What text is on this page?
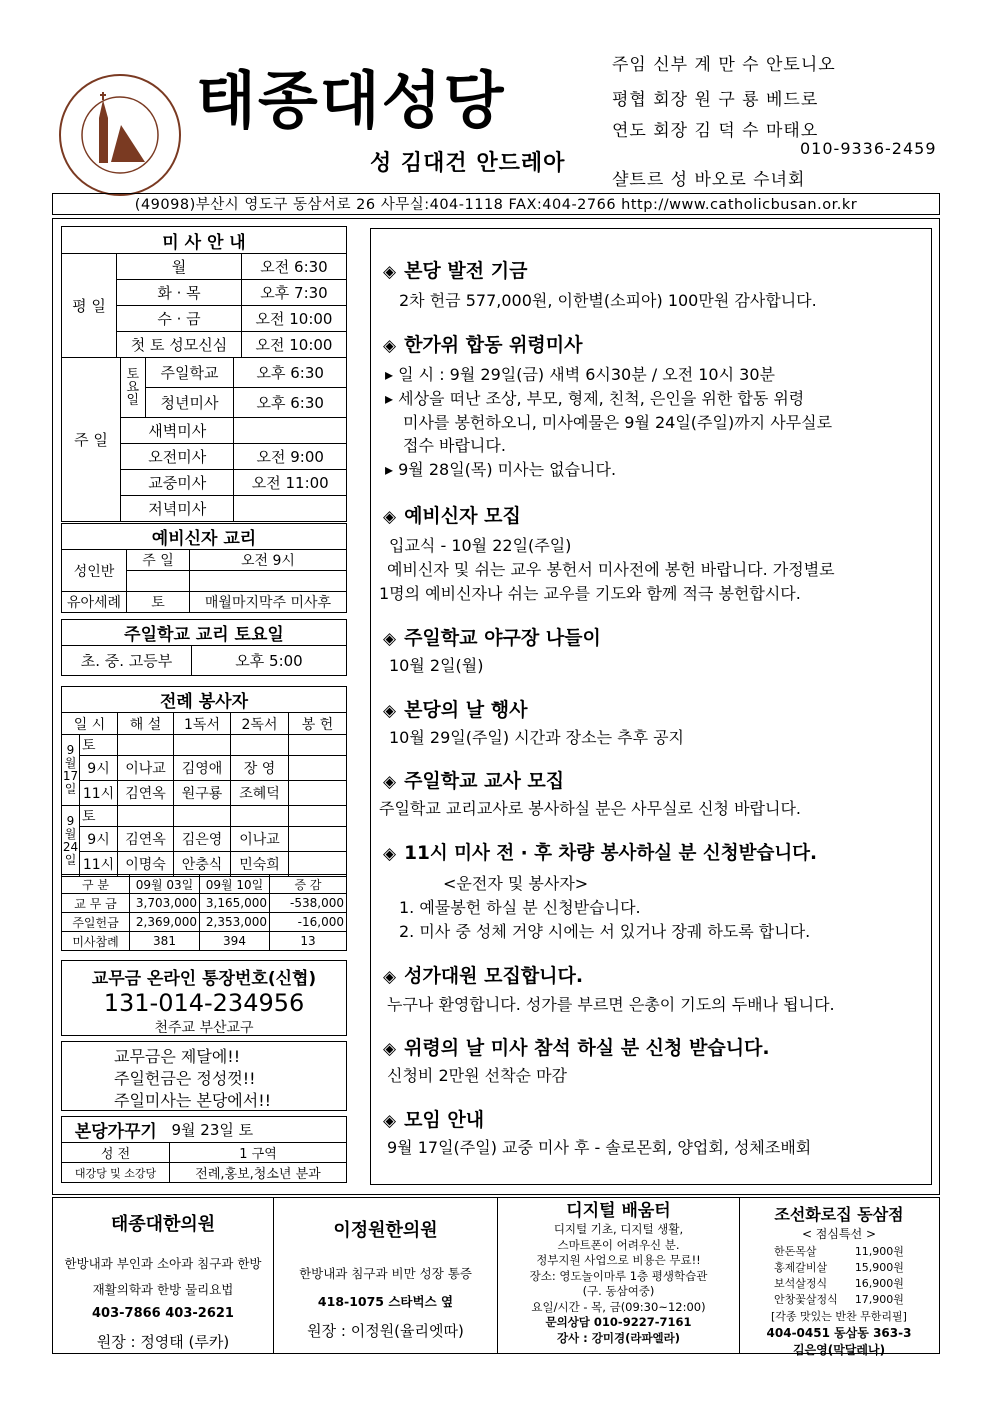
태종대성당
성 김대건 안드레아
주임 신부 계 만 수 안토니오
평협 회장 원 구 룡 베드로
연도 회장 김 덕 수 마태오
010-9336-2459
샬트르 성 바오로 수녀회
(49098)부산시 영도구 동삼서로 26 사무실:404-1118 FAX:404-2766 http://www.catholicbusan.or.kr
미 사 안 내		
평 일	월	오전 6:30
	화 · 목	오후 7:30
	수 · 금	오전 10:00
	첫 토 성모신심	오전 10:00
주 일	토요일	주일학교	오후 6:30
		청년미사	오후 6:30
	새벽미사		
	오전미사		오전 9:00
	교중미사		오전 11:00
	저녁미사		
예비신자 교리		
성인반	주 일	오전 9시

유아세례	토	매월마지막주 미사후
주일학교 교리 토요일
초. 중. 고등부	오후 5:00
전례 봉사자					
일 시		해 설	1독서	2독서	봉 헌
9월17일	토				
	9시	이나교	김영애	장 영	
	11시	김연옥	원구룡	조혜덕	
9월24일	토				
	9시	김연옥	김은영	이나교	
	11시	이명숙	안충식	민숙희	
구 분	09월 03일	09월 10일	증 감
교 무 금	3,703,000	3,165,000	-538,000
주일헌금	2,369,000	2,353,000	-16,000
미사참례	381	394	13
교무금 온라인 통장번호(신협)
131-014-234956
천주교 부산교구
교무금은 제달에!!
주일헌금은 정성껏!!
주일미사는 본당에서!!
본당가꾸기	9월 23일 토
성 전	1 구역
대강당 및 소강당	전례,홍보,청소년 분과
◈ 본당 발전 기금
2차 헌금 577,000원, 이한별(소피아) 100만원 감사합니다.
◈ 한가위 합동 위령미사
▸ 일 시 : 9월 29일(금) 새벽 6시30분 / 오전 10시 30분
▸ 세상을 떠난 조상, 부모, 형제, 친척, 은인을 위한 합동 위령
미사를 봉헌하오니, 미사예물은 9월 24일(주일)까지 사무실로
접수 바랍니다.
▸ 9월 28일(목) 미사는 없습니다.
◈ 예비신자 모집
입교식 - 10월 22일(주일)
예비신자 및 쉬는 교우 봉헌서 미사전에 봉헌 바랍니다. 가정별로
1명의 예비신자나 쉬는 교우를 기도와 함께 적극 봉헌합시다.
◈ 주일학교 야구장 나들이
10월 2일(월)
◈ 본당의 날 행사
10월 29일(주일) 시간과 장소는 추후 공지
◈ 주일학교 교사 모집
주일학교 교리교사로 봉사하실 분은 사무실로 신청 바랍니다.
◈ 11시 미사 전 · 후 차량 봉사하실 분 신청받습니다.
<운전자 및 봉사자>
1. 예물봉헌 하실 분 신청받습니다.
2. 미사 중 성체 거양 시에는 서 있거나 장궤 하도록 합니다.
◈ 성가대원 모집합니다.
누구나 환영합니다. 성가를 부르면 은총이 기도의 두배나 됩니다.
◈ 위령의 날 미사 참석 하실 분 신청 받습니다.
신청비 2만원 선착순 마감
◈ 모임 안내
9월 17일(주일) 교중 미사 후 - 솔로몬회, 양업회, 성체조배회
태종대한의원
한방내과 부인과 소아과 침구과 한방
재활의학과 한방 물리요법
403-7866 403-2621
원장 : 정영태 (루카)
이정원한의원
한방내과 침구과 비만 성장 통증
418-1075 스타벅스 옆
원장 : 이정원(율리엣따)
디지털 배움터
디지털 기초, 디지털 생활,
스마트폰이 어려우신 분.
정부지원 사업으로 비용은 무료!!
장소: 영도놀이마루 1층 평생학습관
(구. 동삼여중)
요일/시간 - 목, 금(09:30~12:00)
문의상담 010-9227-7161
강사 : 강미경(라파엘라)
조선화로집 동삼점
< 점심특선 >
한돈목살	11,900원
홍제갈비살	15,900원
보석살정식	16,900원
안창꽃살정식	17,900원
[각종 맛있는 반찬 무한리필]
404-0451 동삼동 363-3
김은영(막달레나)
